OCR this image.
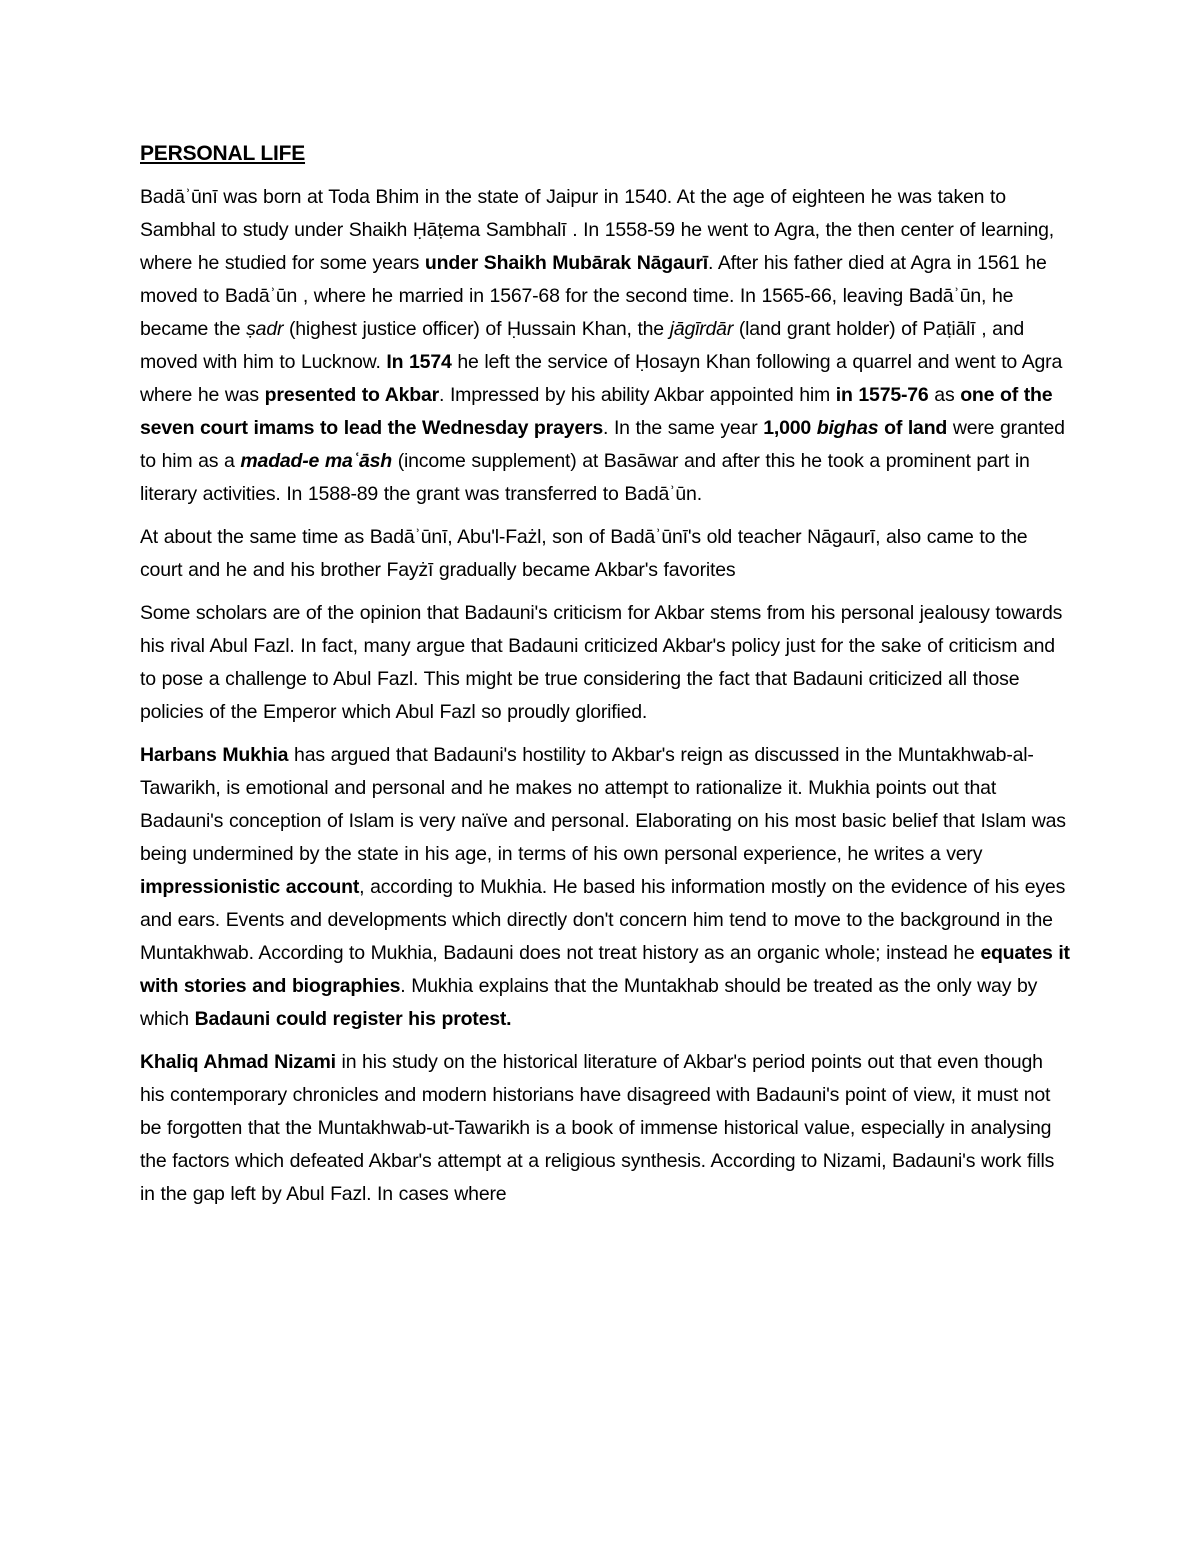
PERSONAL LIFE

Badāʾūnī was born at Toda Bhim in the state of Jaipur in 1540. At the age of eighteen he was taken to Sambhal to study under Shaikh Ḥāṭema Sambhalī . In 1558-59 he went to Agra, the then center of learning, where he studied for some years under Shaikh Mubārak Nāgaurī. After his father died at Agra in 1561 he moved to Badāʾūn , where he married in 1567-68 for the second time. In 1565-66, leaving Badāʾūn, he became the ṣadr (highest justice officer) of Ḥussain Khan, the jāgīrdār (land grant holder) of Paṭiālī , and moved with him to Lucknow. In 1574 he left the service of Ḥosayn Khan following a quarrel and went to Agra where he was presented to Akbar. Impressed by his ability Akbar appointed him in 1575-76 as one of the seven court imams to lead the Wednesday prayers. In the same year 1,000 bighas of land were granted to him as a madad-e maʿāsh (income supplement) at Basāwar and after this he took a prominent part in literary activities. In 1588-89 the grant was transferred to Badāʾūn.

At about the same time as Badāʾūnī, Abu'l-Fażl, son of Badāʾūnī's old teacher Nāgaurī, also came to the court and he and his brother Fayżī gradually became Akbar's favorites

Some scholars are of the opinion that Badauni's criticism for Akbar stems from his personal jealousy towards his rival Abul Fazl. In fact, many argue that Badauni criticized Akbar's policy just for the sake of criticism and to pose a challenge to Abul Fazl. This might be true considering the fact that Badauni criticized all those policies of the Emperor which Abul Fazl so proudly glorified.

Harbans Mukhia has argued that Badauni's hostility to Akbar's reign as discussed in the Muntakhwab-al-Tawarikh, is emotional and personal and he makes no attempt to rationalize it. Mukhia points out that Badauni's conception of Islam is very naïve and personal. Elaborating on his most basic belief that Islam was being undermined by the state in his age, in terms of his own personal experience, he writes a very impressionistic account, according to Mukhia. He based his information mostly on the evidence of his eyes and ears. Events and developments which directly don't concern him tend to move to the background in the Muntakhwab. According to Mukhia, Badauni does not treat history as an organic whole; instead he equates it with stories and biographies. Mukhia explains that the Muntakhab should be treated as the only way by which Badauni could register his protest.

Khaliq Ahmad Nizami in his study on the historical literature of Akbar's period points out that even though his contemporary chronicles and modern historians have disagreed with Badauni's point of view, it must not be forgotten that the Muntakhwab-ut-Tawarikh is a book of immense historical value, especially in analysing the factors which defeated Akbar's attempt at a religious synthesis. According to Nizami, Badauni's work fills in the gap left by Abul Fazl. In cases where
